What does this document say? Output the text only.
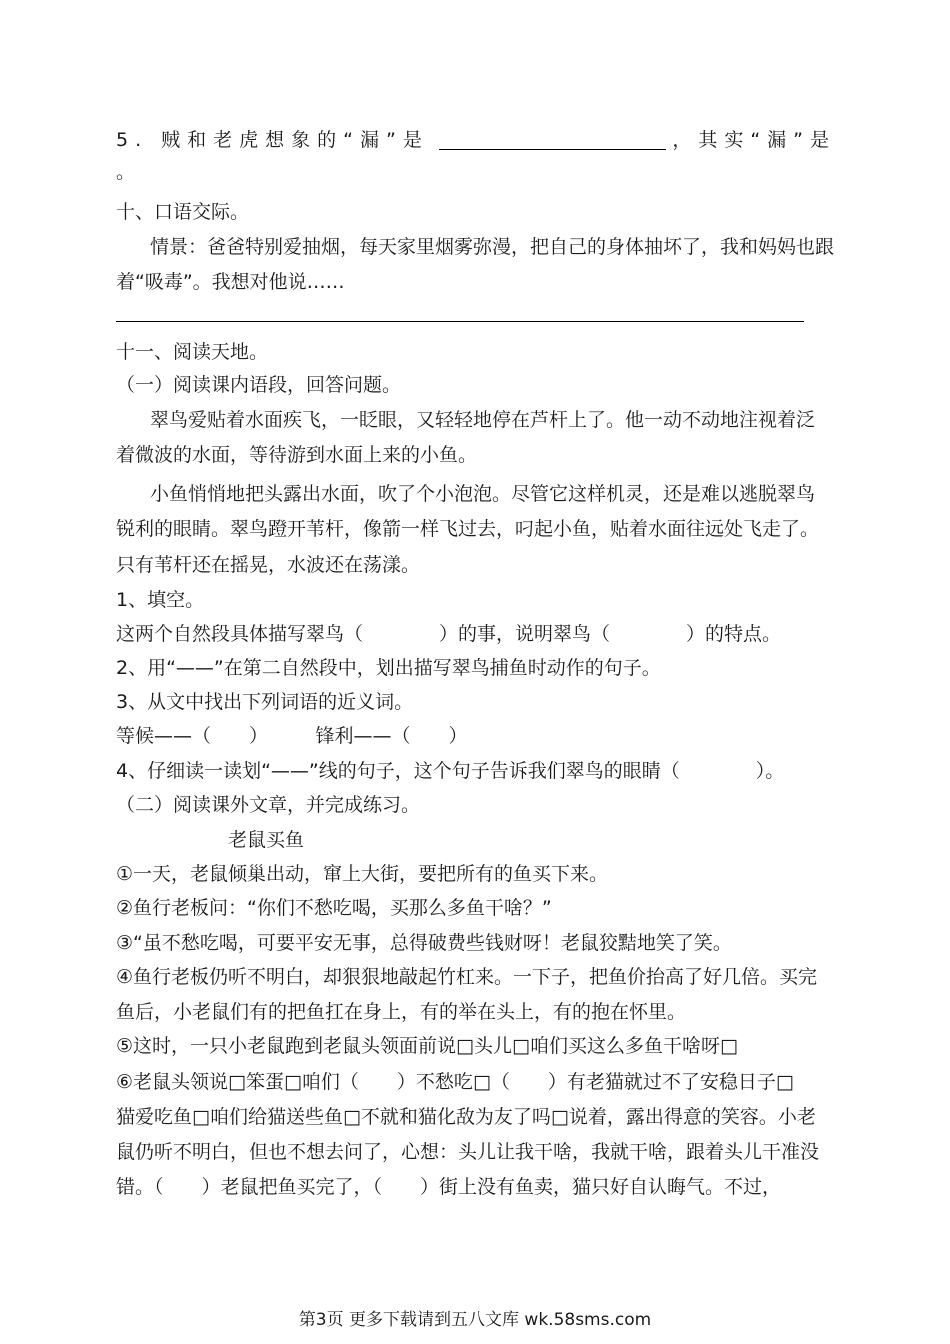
5. 贼和老虎想象的“漏”是	，其实“漏”是
。
十、口语交际。
情景：爸爸特别爱抽烟，每天家里烟雾弥漫，把自己的身体抽坏了，我和妈妈也跟
着“吸毒”。我想对他说……
十一、阅读天地。
（一）阅读课内语段，回答问题。
翠鸟爱贴着水面疾飞，一眨眼，又轻轻地停在芦杆上了。他一动不动地注视着泛
着微波的水面，等待游到水面上来的小鱼。
小鱼悄悄地把头露出水面，吹了个小泡泡。尽管它这样机灵，还是难以逃脱翠鸟
锐利的眼睛。翠鸟蹬开苇杆，像箭一样飞过去，叼起小鱼，贴着水面往远处飞走了。
只有苇杆还在摇晃，水波还在荡漾。
1、填空。
这两个自然段具体描写翠鸟（　　　　）的事，说明翠鸟（　　　　）的特点。
2、用“——”在第二自然段中，划出描写翠鸟捕鱼时动作的句子。
3、从文中找出下列词语的近义词。
等候——（　　）　　　锋利——（　　）
4、仔细读一读划“——”线的句子，这个句子告诉我们翠鸟的眼睛（　　　　）。
（二）阅读课外文章，并完成练习。
老鼠买鱼
①一天，老鼠倾巢出动，窜上大街，要把所有的鱼买下来。
②鱼行老板问：“你们不愁吃喝，买那么多鱼干啥？”
③“虽不愁吃喝，可要平安无事，总得破费些钱财呀！老鼠狡黠地笑了笑。
④鱼行老板仍听不明白，却狠狠地敲起竹杠来。一下子，把鱼价抬高了好几倍。买完
鱼后，小老鼠们有的把鱼扛在身上，有的举在头上，有的抱在怀里。
⑤这时，一只小老鼠跑到老鼠头领面前说□头儿□咱们买这么多鱼干啥呀□
⑥老鼠头领说□笨蛋□咱们（　　）不愁吃□（　　）有老猫就过不了安稳日子□
猫爱吃鱼□咱们给猫送些鱼□不就和猫化敌为友了吗□说着，露出得意的笑容。小老
鼠仍听不明白，但也不想去问了，心想：头儿让我干啥，我就干啥，跟着头儿干准没
错。（　　）老鼠把鱼买完了，（　　）街上没有鱼卖，猫只好自认晦气。不过，
第3页 更多下载请到五八文库 wk.58sms.com
